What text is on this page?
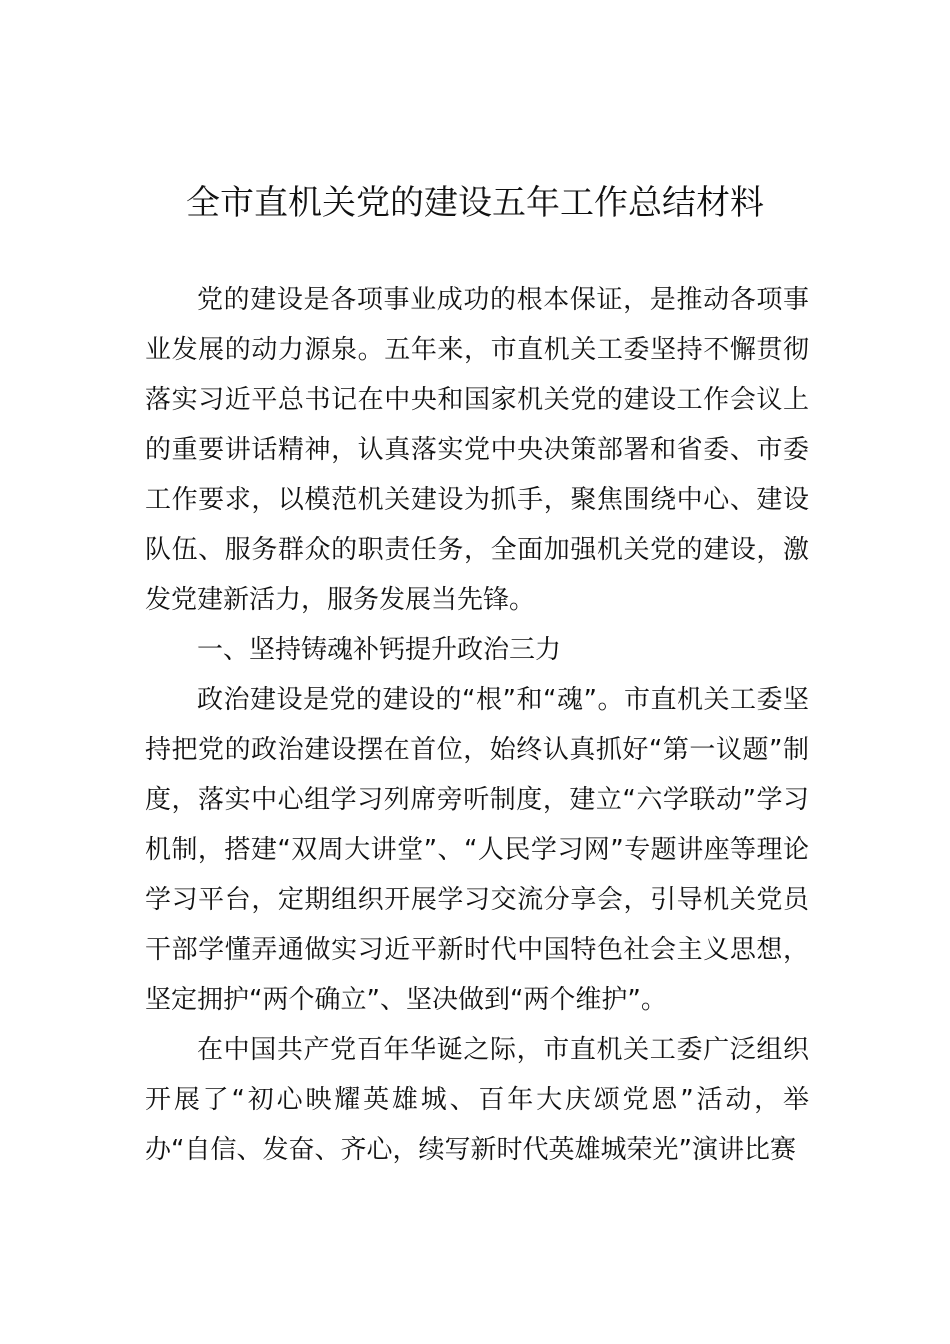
全市直机关党的建设五年工作总结材料

党的建设是各项事业成功的根本保证，是推动各项事业发展的动力源泉。五年来，市直机关工委坚持不懈贯彻落实习近平总书记在中央和国家机关党的建设工作会议上的重要讲话精神，认真落实党中央决策部署和省委、市委工作要求，以模范机关建设为抓手，聚焦围绕中心、建设队伍、服务群众的职责任务，全面加强机关党的建设，激发党建新活力，服务发展当先锋。

一、坚持铸魂补钙提升政治三力

政治建设是党的建设的“根”和“魂”。市直机关工委坚持把党的政治建设摆在首位，始终认真抓好“第一议题”制度，落实中心组学习列席旁听制度，建立“六学联动”学习机制，搭建“双周大讲堂”、“人民学习网”专题讲座等理论学习平台，定期组织开展学习交流分享会，引导机关党员干部学懂弄通做实习近平新时代中国特色社会主义思想，坚定拥护“两个确立”、坚决做到“两个维护”。

在中国共产党百年华诞之际，市直机关工委广泛组织开展了“初心映耀英雄城、百年大庆颂党恩”活动，举办“自信、发奋、齐心，续写新时代英雄城荣光”演讲比赛
